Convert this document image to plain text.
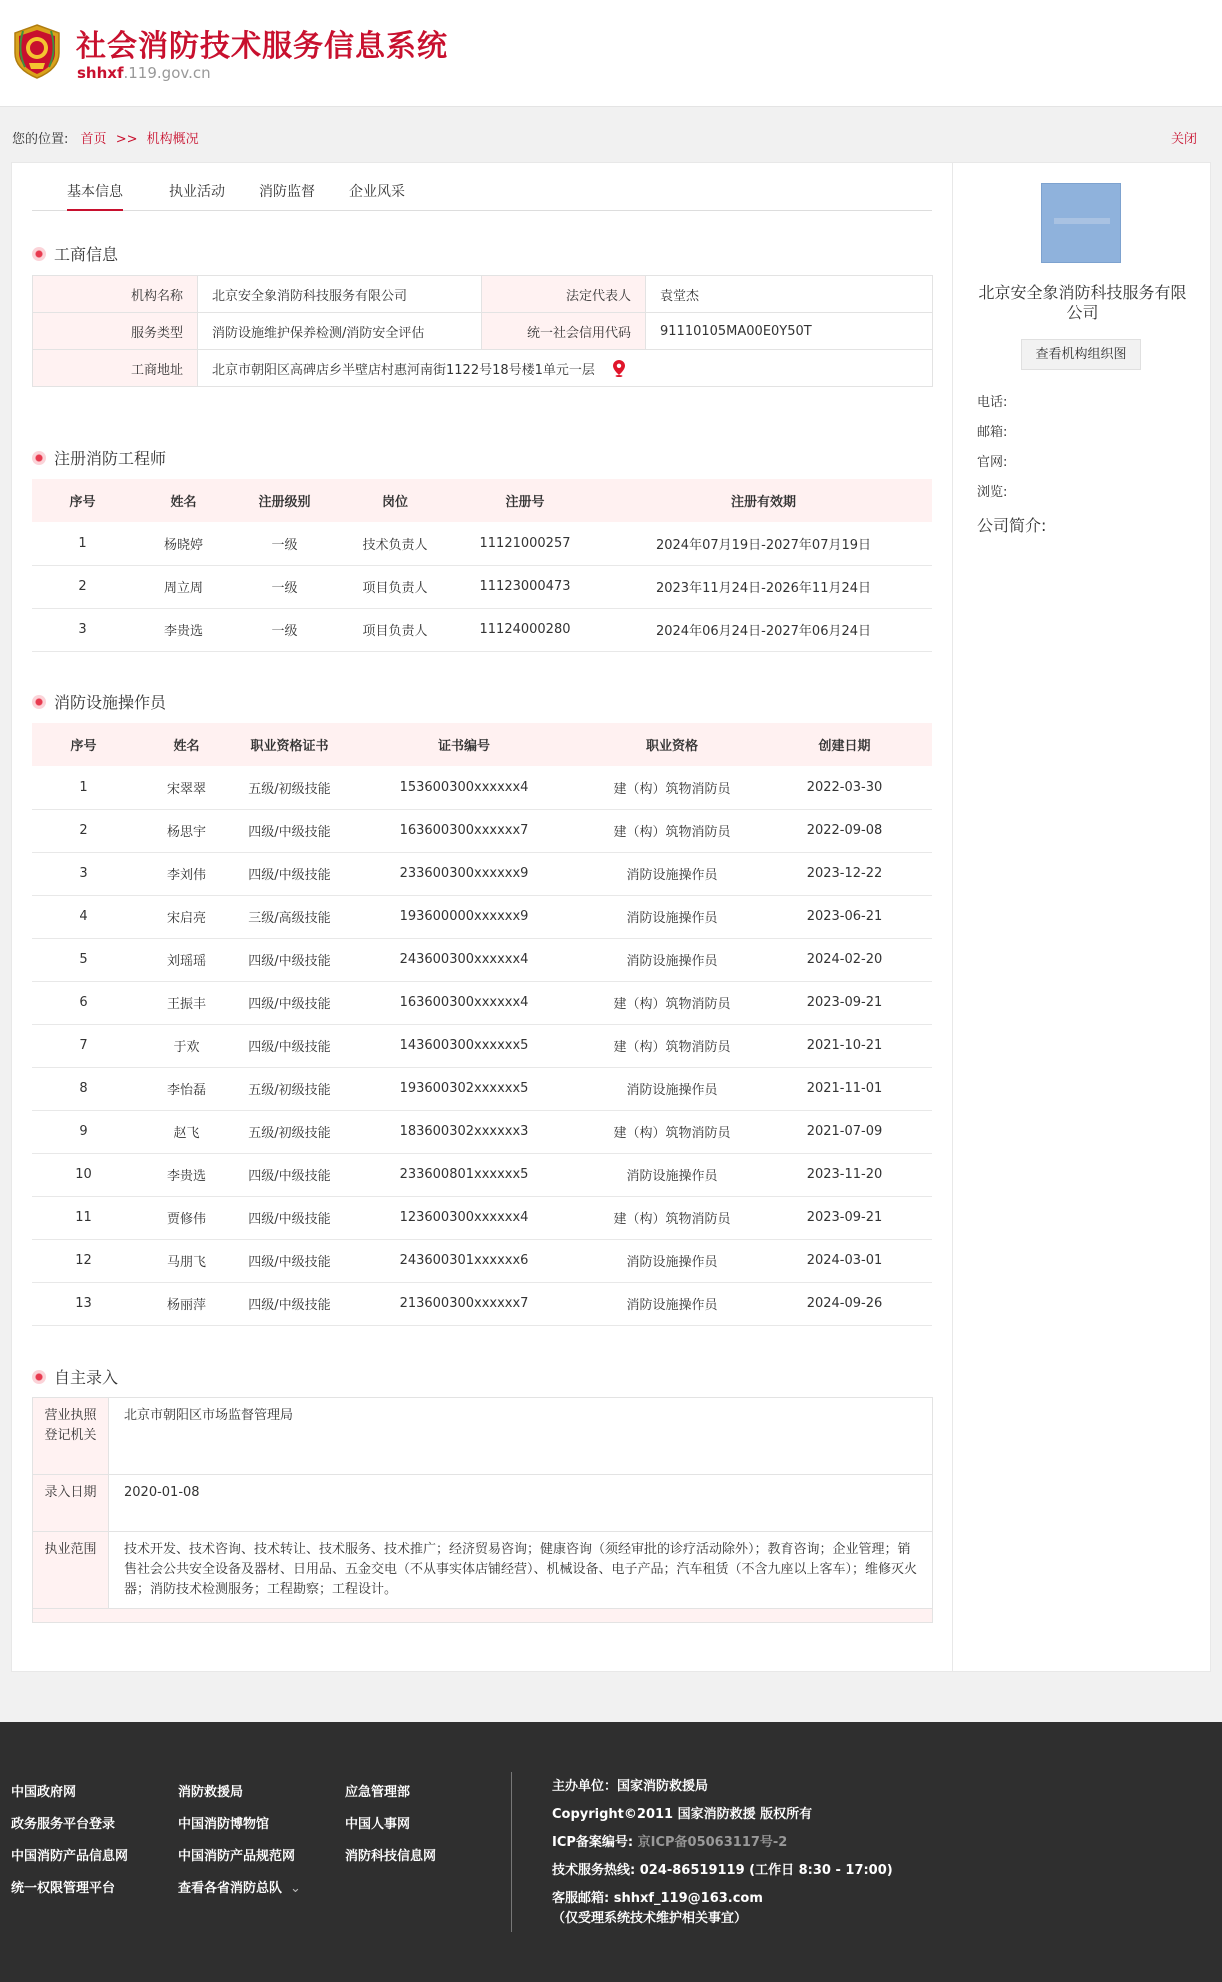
社会消防技术服务信息系统
shhxf.119.gov.cn
您的位置: 首页 >> 机构概况	关闭
基本信息	执业活动 消防监督 企业风采
工商信息
机构名称	北京安全象消防科技服务有限公司	法定代表人	袁堂杰
服务类型	消防设施维护保养检测/消防安全评估	统一社会信用代码	91110105MA00E0Y50T
工商地址	北京市朝阳区高碑店乡半壁店村惠河南街1122号18号楼1单元一层		
注册消防工程师
序号	姓名	注册级别	岗位	注册号	注册有效期
1	杨晓婷	一级	技术负责人	11121000257	2024年07月19日-2027年07月19日
2	周立周	一级	项目负责人	11123000473	2023年11月24日-2026年11月24日
3	李贵选	一级	项目负责人	11124000280	2024年06月24日-2027年06月24日
消防设施操作员
序号	姓名	职业资格证书	证书编号	职业资格	创建日期
1	宋翠翠	五级/初级技能	153600300xxxxxx4	建（构）筑物消防员	2022-03-30
2	杨思宇	四级/中级技能	163600300xxxxxx7	建（构）筑物消防员	2022-09-08
3	李刘伟	四级/中级技能	233600300xxxxxx9	消防设施操作员	2023-12-22
4	宋启亮	三级/高级技能	193600000xxxxxx9	消防设施操作员	2023-06-21
5	刘瑶瑶	四级/中级技能	243600300xxxxxx4	消防设施操作员	2024-02-20
6	王振丰	四级/中级技能	163600300xxxxxx4	建（构）筑物消防员	2023-09-21
7	于欢	四级/中级技能	143600300xxxxxx5	建（构）筑物消防员	2021-10-21
8	李怡磊	五级/初级技能	193600302xxxxxx5	消防设施操作员	2021-11-01
9	赵飞	五级/初级技能	183600302xxxxxx3	建（构）筑物消防员	2021-07-09
10	李贵选	四级/中级技能	233600801xxxxxx5	消防设施操作员	2023-11-20
11	贾修伟	四级/中级技能	123600300xxxxxx4	建（构）筑物消防员	2023-09-21
12	马朋飞	四级/中级技能	243600301xxxxxx6	消防设施操作员	2024-03-01
13	杨丽萍	四级/中级技能	213600300xxxxxx7	消防设施操作员	2024-09-26
自主录入
营业执照登记机关	北京市朝阳区市场监督管理局
录入日期	2020-01-08
执业范围	技术开发、技术咨询、技术转让、技术服务、技术推广；经济贸易咨询；健康咨询（须经审批的诊疗活动除外）；教育咨询；企业管理；销售社会公共安全设备及器材、日用品、五金交电（不从事实体店铺经营）、机械设备、电子产品；汽车租赁（不含九座以上客车）；维修灭火器；消防技术检测服务；工程勘察；工程设计。

北京安全象消防科技服务有限公司
查看机构组织图
电话:
邮箱:
官网:
浏览:
公司简介:
中国政府网	消防救援局	应急管理部
政务服务平台登录	中国消防博物馆	中国人事网
中国消防产品信息网	中国消防产品规范网	消防科技信息网
统一权限管理平台	查看各省消防总队 ⌄
主办单位：国家消防救援局
Copyright©2011 国家消防救援 版权所有
ICP备案编号: 京ICP备05063117号-2
技术服务热线: 024-86519119 (工作日 8:30 - 17:00)
客服邮箱: shhxf_119@163.com
（仅受理系统技术维护相关事宜）
